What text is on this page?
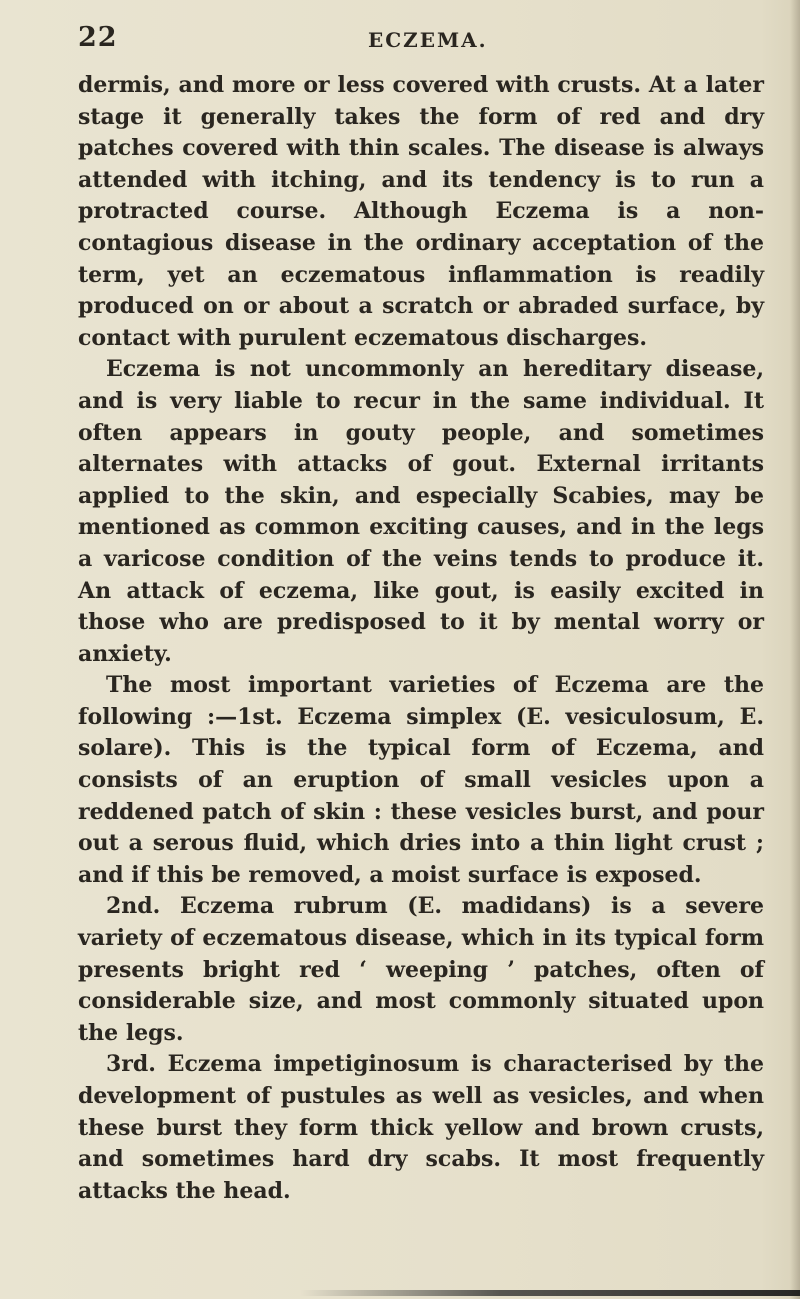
22	ECZEMA.

dermis, and more or less covered with crusts. At a later stage it generally takes the form of red and dry patches covered with thin scales. The disease is always attended with itching, and its tendency is to run a protracted course. Although Eczema is a non-contagious disease in the ordinary acceptation of the term, yet an eczematous inflammation is readily produced on or about a scratch or abraded surface, by contact with purulent eczematous discharges.

Eczema is not uncommonly an hereditary disease, and is very liable to recur in the same individual. It often appears in gouty people, and sometimes alternates with attacks of gout. External irritants applied to the skin, and especially Scabies, may be mentioned as common exciting causes, and in the legs a varicose condition of the veins tends to produce it. An attack of eczema, like gout, is easily excited in those who are predisposed to it by mental worry or anxiety.

The most important varieties of Eczema are the following :—1st. Eczema simplex (E. vesiculosum, E. solare). This is the typical form of Eczema, and consists of an eruption of small vesicles upon a reddened patch of skin : these vesicles burst, and pour out a serous fluid, which dries into a thin light crust ; and if this be removed, a moist surface is exposed.

2nd. Eczema rubrum (E. madidans) is a severe variety of eczematous disease, which in its typical form presents bright red ‘ weeping ’ patches, often of considerable size, and most commonly situated upon the legs.

3rd. Eczema impetiginosum is characterised by the development of pustules as well as vesicles, and when these burst they form thick yellow and brown crusts, and sometimes hard dry scabs. It most frequently attacks the head.
